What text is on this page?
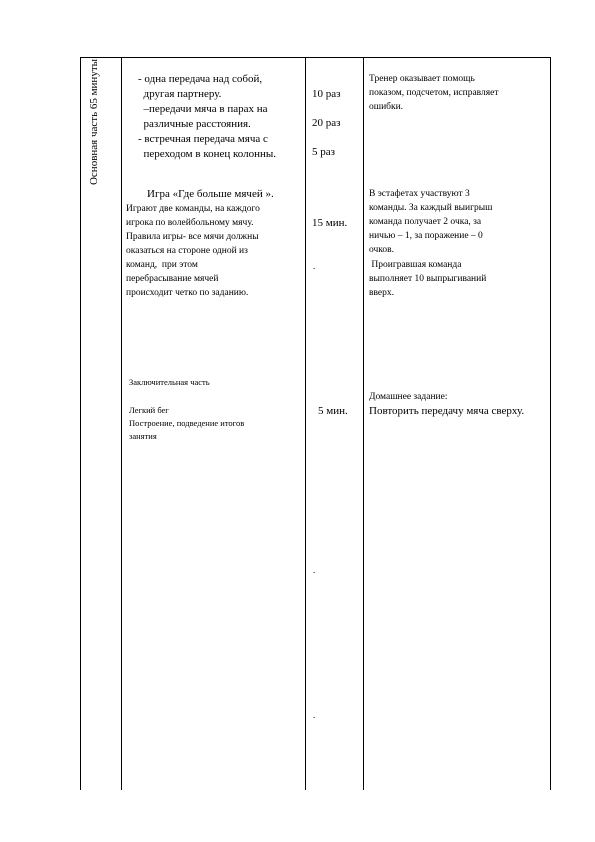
Основная часть 65 минуты	- одна передача над собой,
другая партнеру.
–передачи мяча в парах на
различные расстояния.
- встречная передача мяча с
переходом в конец колонны.
10 раз
20 раз
5 раз
Тренер оказывает помощь
показом, подсчетом, исправляет
ошибки.
Игра «Где больше мячей ».
Играют две команды, на каждого
игрока по волейбольному мячу.
Правила игры- все мячи должны
оказаться на стороне одной из
команд,  при этом
перебрасывание мячей
происходит четко по заданию.
15 мин.
.
В эстафетах участвуют 3
команды. За каждый выигрыш
команда получает 2 очка, за
ничью – 1, за поражение – 0
очков.
Проигравшая команда
выполняет 10 выпрыгиваний
вверх.
Заключительная часть
Легкий бег
Построение, подведение итогов
занятия
5 мин.
Домашнее задание:
Повторить передачу мяча сверху.
.
.
